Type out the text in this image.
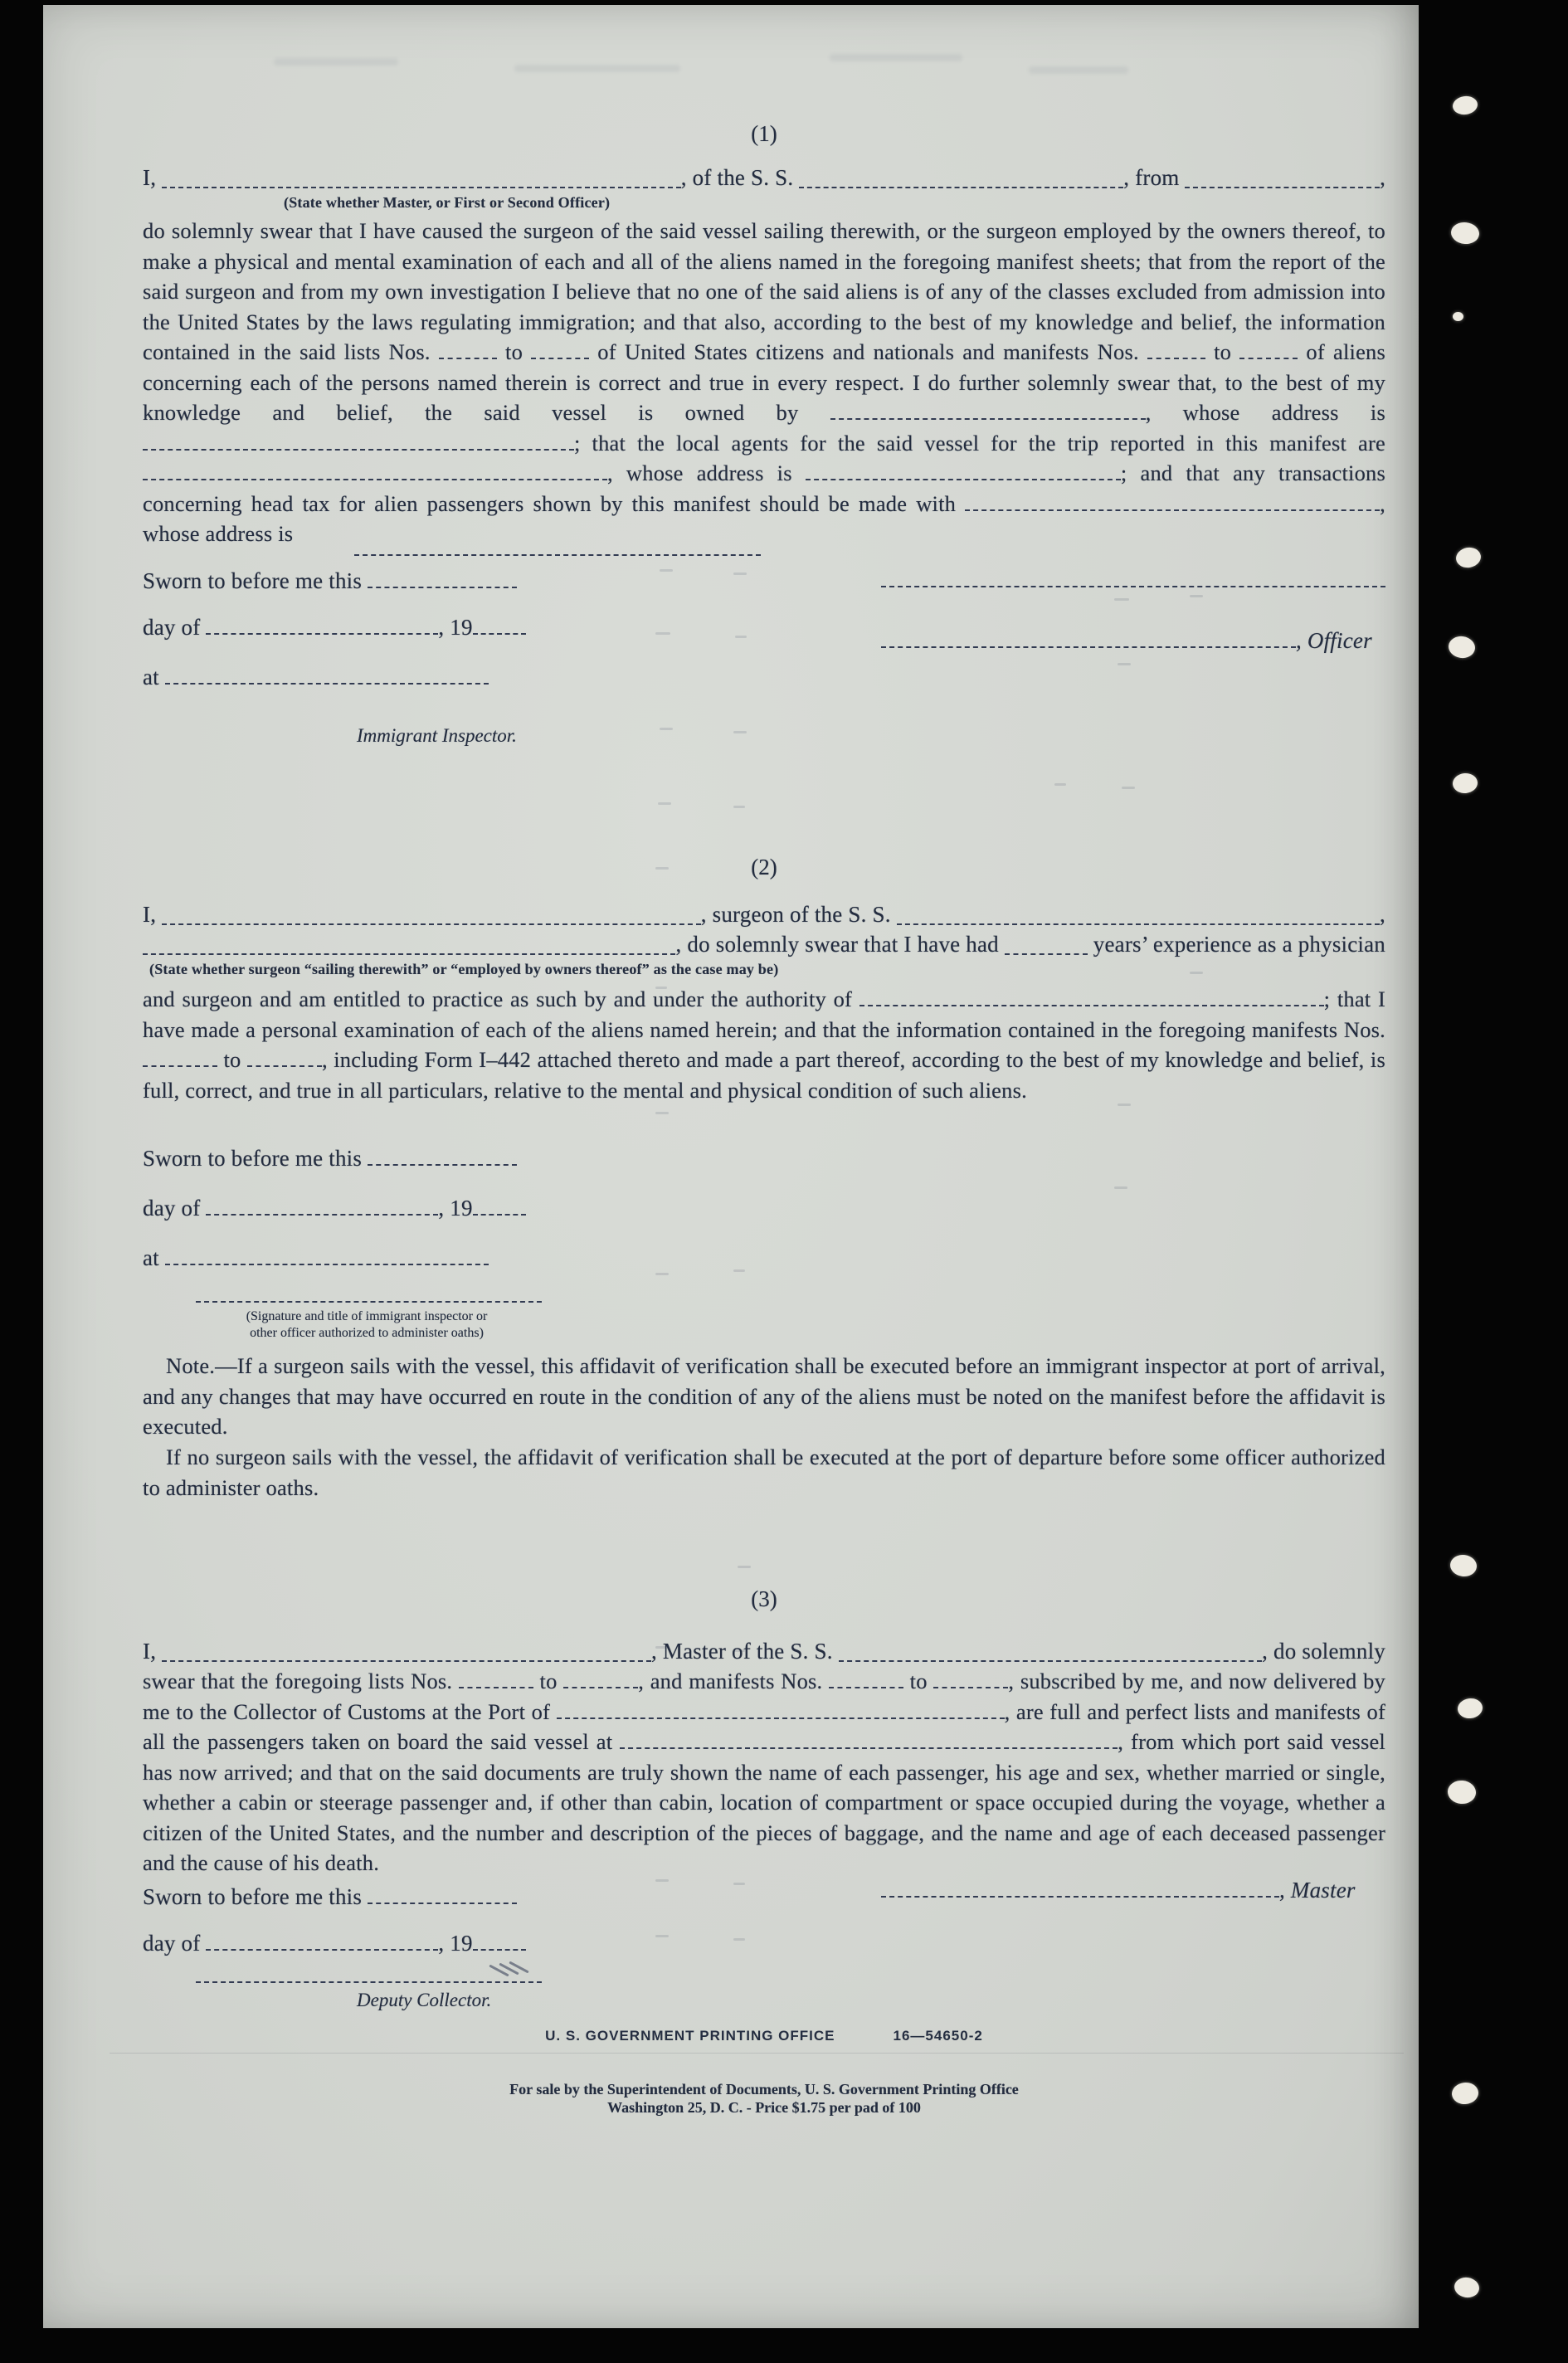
(1)
I,	, of the S. S.	, from	,
(State whether Master, or First or Second Officer)
do solemnly swear that I have caused the surgeon of the said vessel sailing therewith, or the surgeon employed by the owners thereof, to make a physical and mental examination of each and all of the aliens named in the foregoing manifest sheets; that from the report of the said surgeon and from my own investigation I believe that no one of the said aliens is of any of the classes excluded from admission into the United States by the laws regulating immigration; and that also, according to the best of my knowledge and belief, the information contained in the said lists Nos.	to	of United States citizens and nationals and manifests Nos.	to	of aliens concerning each of the persons named therein is correct and true in every respect. I do further solemnly swear that, to the best of my knowledge and belief, the said vessel is owned by	, whose address is ; that the local agents for the said vessel for the trip reported in this manifest are , whose address is	; and that any transactions concerning head tax for alien passengers shown by this manifest should be made with	, whose address is
Sworn to before me this
day of	, 19
, Officer
at
Immigrant Inspector.
(2)
I,	, surgeon of the S. S.	,
, do solemnly swear that I have had	years’ experience as a physician
(State whether surgeon “sailing therewith” or “employed by owners thereof” as the case may be)
and surgeon and am entitled to practice as such by and under the authority of	; that I have made a personal examination of each of the aliens named herein; and that the information contained in the foregoing manifests Nos.  to	, including Form I–442 attached thereto and made a part thereof, according to the best of my knowledge and belief, is full, correct, and true in all particulars, relative to the mental and physical condition of such aliens.
Sworn to before me this
day of	, 19
at
(Signature and title of immigrant inspector or
other officer authorized to administer oaths)
Note.—If a surgeon sails with the vessel, this affidavit of verification shall be executed before an immigrant inspector at port of arrival, and any changes that may have occurred en route in the condition of any of the aliens must be noted on the manifest before the affidavit is executed.
If no surgeon sails with the vessel, the affidavit of verification shall be executed at the port of departure before some officer authorized to administer oaths.
(3)
I,	, Master of the S. S.	, do solemnly
swear that the foregoing lists Nos.	to	, and manifests Nos.	to	, subscribed by me, and now delivered by me to the Collector of Customs at the Port of	, are full and perfect lists and manifests of all the passengers taken on board the said vessel at	, from which port said vessel has now arrived; and that on the said documents are truly shown the name of each passenger, his age and sex, whether married or single, whether a cabin or steerage passenger and, if other than cabin, location of compartment or space occupied during the voyage, whether a citizen of the United States, and the number and description of the pieces of baggage, and the name and age of each deceased passenger and the cause of his death.
Sworn to before me this	, Master
day of	, 19
Deputy Collector.
U. S. GOVERNMENT PRINTING OFFICE	16—54650-2
For sale by the Superintendent of Documents, U. S. Government Printing Office
Washington 25, D. C. - Price $1.75 per pad of 100
